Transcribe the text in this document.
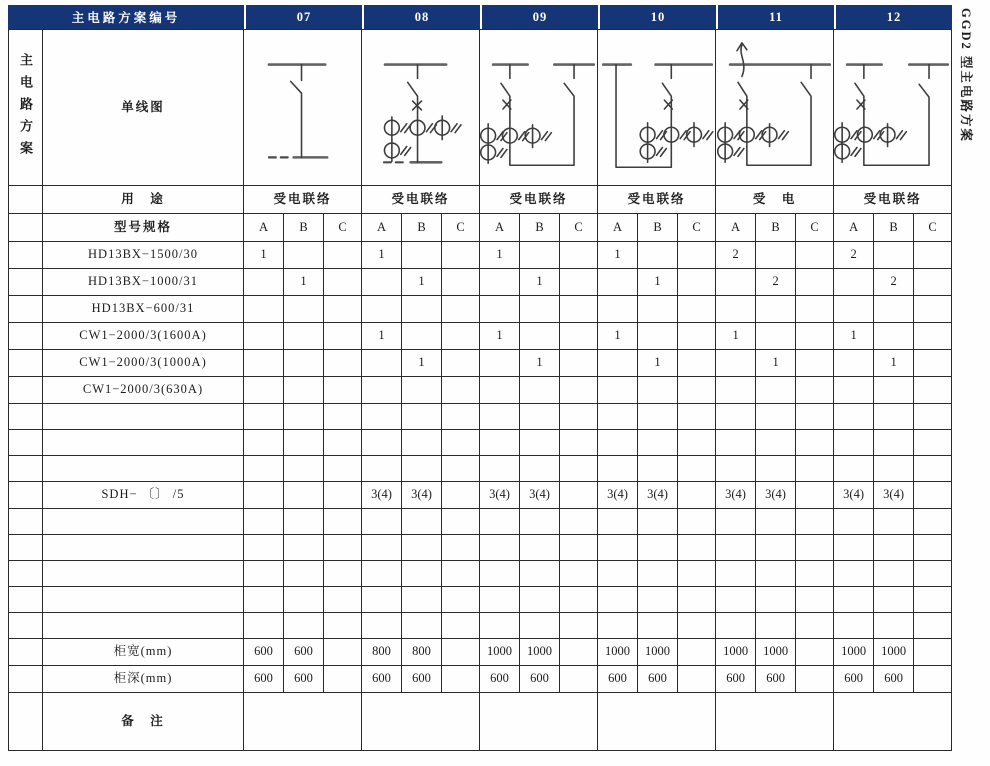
GGD2 型主电路方案
主电路方案编号	07	08	09	10	11	12
主电路方案	单线图	

	用　途	受电联络			受电联络			受电联络			受电联络			受　电			受电联络		
	型号规格	A	B	C	A	B	C	A	B	C	A	B	C	A	B	C	A	B	C
	HD13BX−1500/30	1			1			1			1			2			2		
	HD13BX−1000/31		1			1			1			1			2			2	
	HD13BX−600/31																		
	CW1−2000/3(1600A)				1			1			1			1			1		
	CW1−2000/3(1000A)					1			1			1			1			1	
	CW1−2000/3(630A)																		

	SDH− 〔〕 /5				3(4)	3(4)		3(4)	3(4)		3(4)	3(4)		3(4)	3(4)		3(4)	3(4)	

	柜宽(mm)	600	600		800	800		1000	1000		1000	1000		1000	1000		1000	1000	
	柜深(mm)	600	600		600	600		600	600		600	600		600	600		600	600	
	备　注																		
